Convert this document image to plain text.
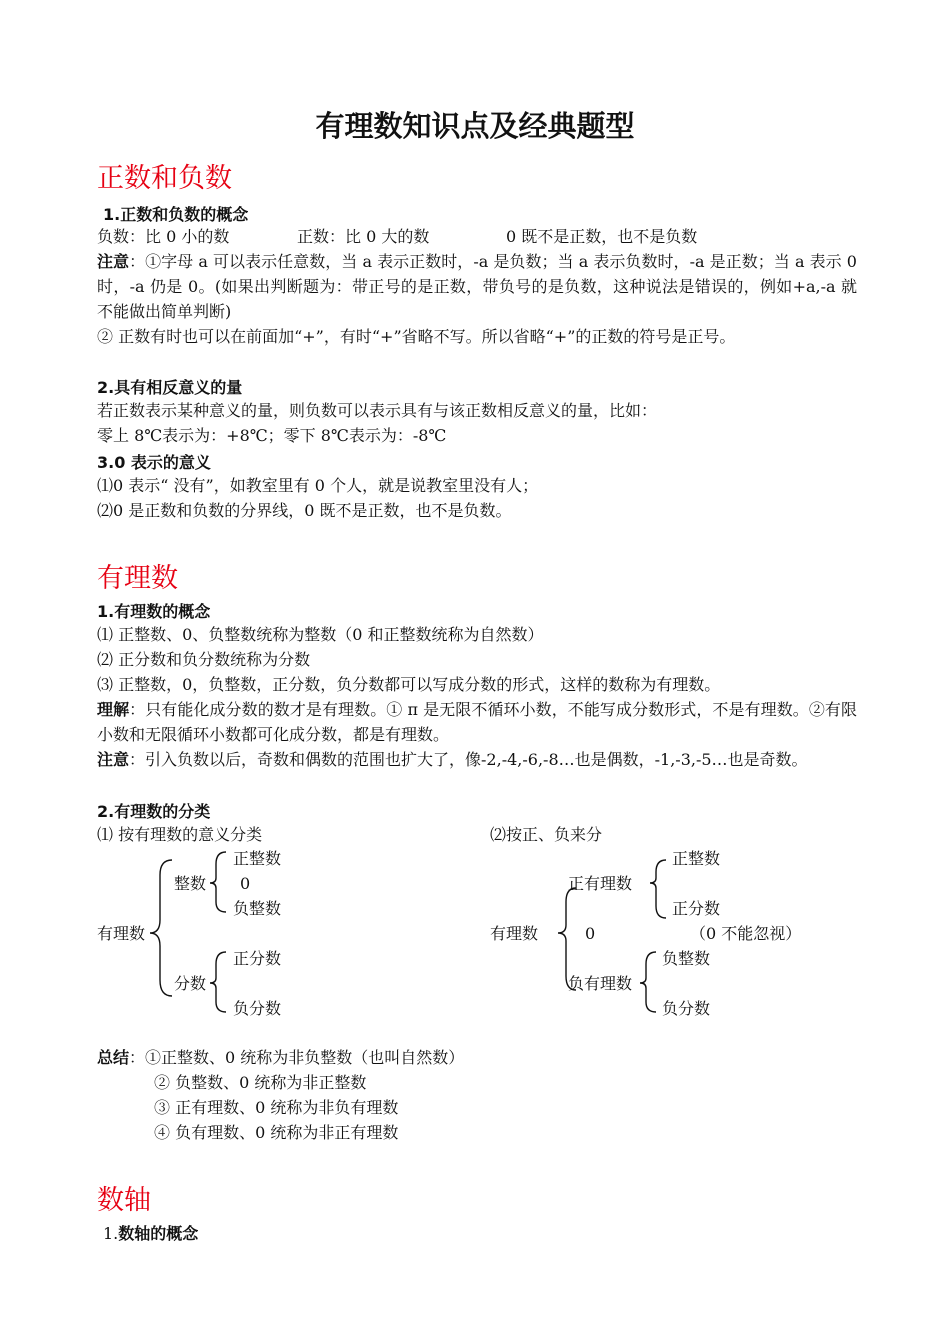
有理数知识点及经典题型
正数和负数
1.正数和负数的概念
负数：比 0 小的数	正数：比 0 大的数	0 既不是正数，也不是负数
注意：①字母 a 可以表示任意数，当 a 表示正数时，-a 是负数；当 a 表示负数时，-a 是正数；当 a 表示 0 时，-a 仍是 0。(如果出判断题为：带正号的是正数，带负号的是负数，这种说法是错误的，例如+a,-a 就不能做出简单判断)
② 正数有时也可以在前面加“+”，有时“+”省略不写。所以省略“+”的正数的符号是正号。
2.具有相反意义的量
若正数表示某种意义的量，则负数可以表示具有与该正数相反意义的量，比如：
零上 8℃表示为：+8℃；零下 8℃表示为：-8℃
3.0 表示的意义
⑴0 表示“ 没有”，如教室里有 0 个人，就是说教室里没有人；
⑵0 是正数和负数的分界线，0 既不是正数，也不是负数。
有理数
1.有理数的概念
⑴ 正整数、0、负整数统称为整数（0 和正整数统称为自然数）
⑵ 正分数和负分数统称为分数
⑶ 正整数，0，负整数，正分数，负分数都可以写成分数的形式，这样的数称为有理数。
理解：只有能化成分数的数才是有理数。① π 是无限不循环小数，不能写成分数形式，不是有理数。②有限小数和无限循环小数都可化成分数，都是有理数。
注意：引入负数以后，奇数和偶数的范围也扩大了，像-2,-4,-6,-8…也是偶数，-1,-3,-5…也是奇数。
2.有理数的分类
⑴ 按有理数的意义分类	⑵按正、负来分
有理数
整数
分数
正整数
0
负整数
正分数
负分数
有理数
正有理数
0	（0 不能忽视）
负有理数
正整数
正分数
负整数
负分数
总结：①正整数、0 统称为非负整数（也叫自然数）
② 负整数、0 统称为非正整数
③ 正有理数、0 统称为非负有理数
④ 负有理数、0 统称为非正有理数
数轴
1.数轴的概念
